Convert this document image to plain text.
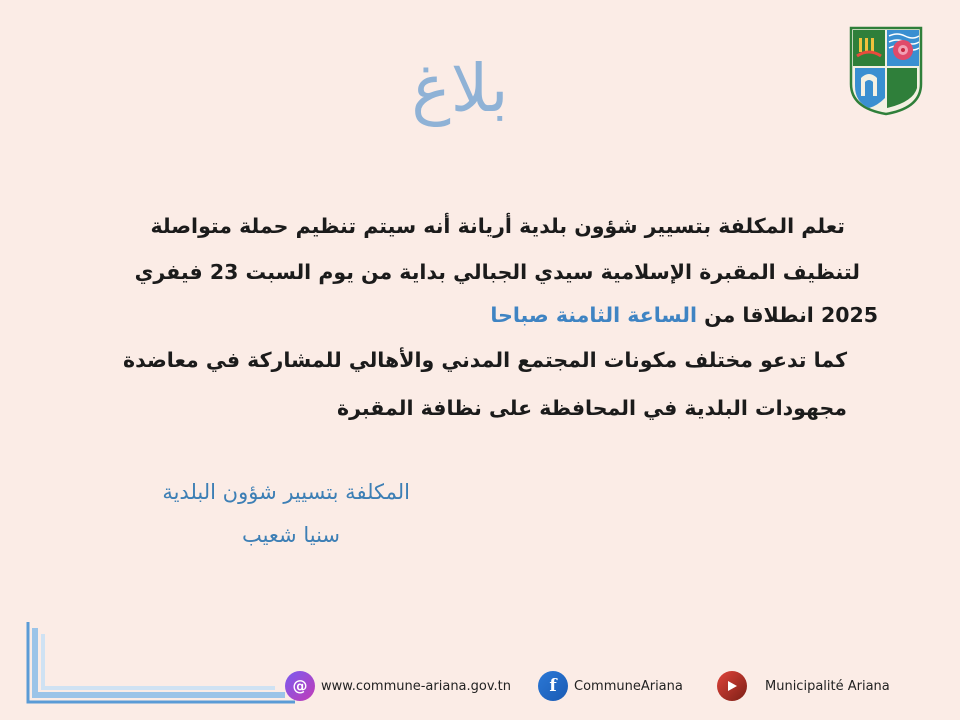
بلاغ
تعلم المكلفة بتسيير شؤون بلدية أريانة أنه سيتم تنظيم حملة متواصلة
لتنظيف المقبرة الإسلامية سيدي الجبالي بداية من يوم السبت 23 فيفري
2025 انطلاقا من الساعة الثامنة صباحا
كما تدعو مختلف مكونات المجتمع المدني والأهالي للمشاركة في معاضدة
مجهودات البلدية في المحافظة على نظافة المقبرة
المكلفة بتسيير شؤون البلدية
سنيا شعيب
@	www.commune-ariana.gov.tn	f	CommuneAriana	Municipalité Ariana
